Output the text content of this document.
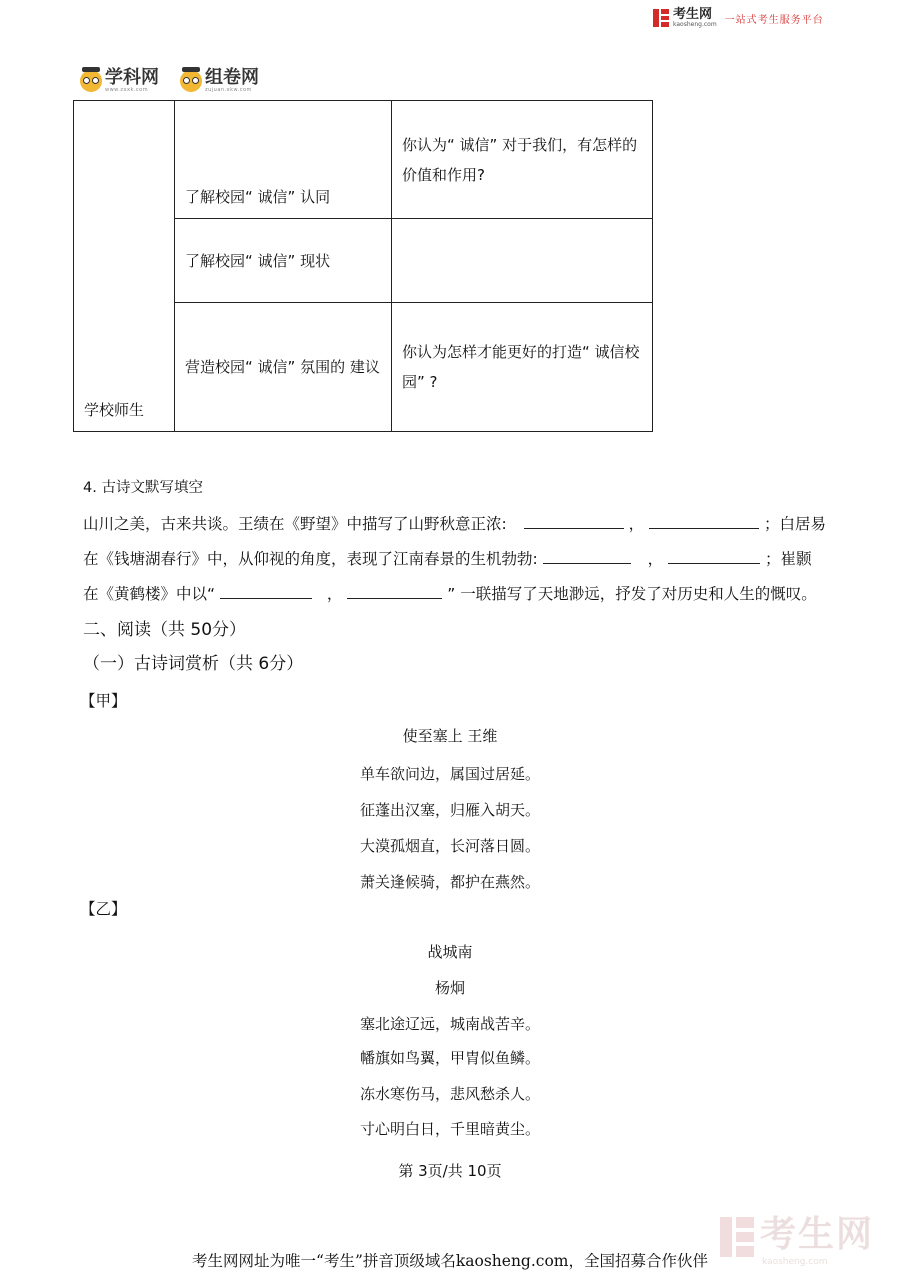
考生网
kaosheng.com 一站式考生服务平台
学科网
www.zxxk.com
组卷网
zujuan.xkw.com
学校师生	了解校园“ 诚信” 认同	你认为“ 诚信” 对于我们，有怎样的价值和作用?
	了解校园“ 诚信” 现状	
	营造校园“ 诚信” 氛围的 建议	你认为怎样才能更好的打造“ 诚信校园” ?
4. 古诗文默写填空
山川之美，古来共谈。王绩在《野望》中描写了山野秋意正浓:	，	；白居易
在《钱塘湖春行》中，从仰视的角度，表现了江南春景的生机勃勃:	，	；崔颢
在《黄鹤楼》中以“	，	” 一联描写了天地渺远，抒发了对历史和人生的慨叹。
二、阅读（共 50分）
（一）古诗词赏析（共 6分）
【甲】
使至塞上 王维
单车欲问边，属国过居延。
征蓬出汉塞，归雁入胡天。
大漠孤烟直，长河落日圆。
萧关逢候骑，都护在燕然。
【乙】
战城南
杨炯
塞北途辽远，城南战苦辛。
幡旗如鸟翼，甲胄似鱼鳞。
冻水寒伤马，悲风愁杀人。
寸心明白日，千里暗黄尘。
第 3页/共 10页
考生网
kaosheng.com
考生网网址为唯一“考生”拼音顶级域名kaosheng.com，全国招募合作伙伴
